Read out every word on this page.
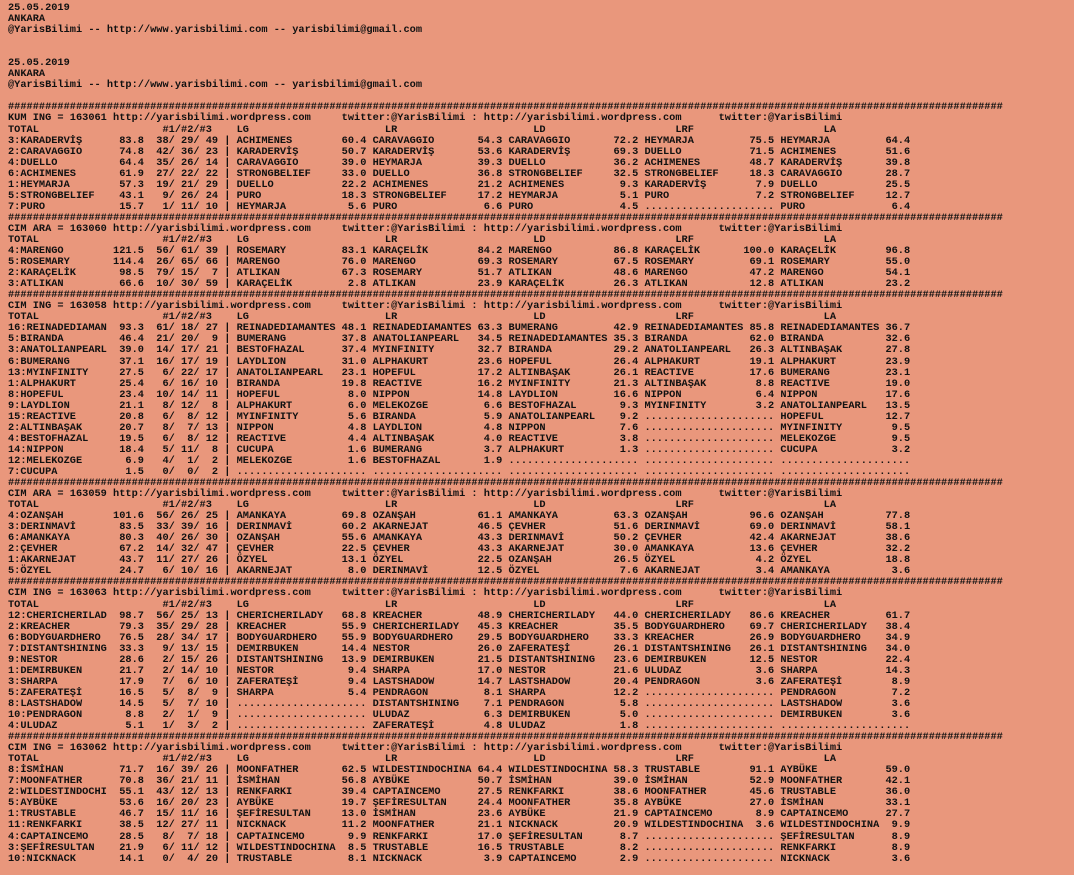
25.05.2019
ANKARA
@YarisBilimi -- http://www.yarisbilimi.com -- yarisbilimi@gmail.com
25.05.2019
ANKARA
@YarisBilimi -- http://www.yarisbilimi.com -- yarisbilimi@gmail.com
#################################################################################################################################################################
KUM ING = 163061 http://yarisbilimi.wordpress.com     twitter:@YarisBilimi : http://yarisbilimi.wordpress.com      twitter:@YarisBilimi
TOTAL                    #1/#2/#3    LG                      LR                      LD                     LRF                     LA
3:KARADERVİŞ      83.8  38/ 29/ 49 | ACHIMENES        60.4 CARAVAGGIO       54.3 CARAVAGGIO       72.2 HEYMARJA         75.5 HEYMARJA         64.4
2:CARAVAGGIO      74.8  42/ 36/ 23 | KARADERVİŞ       50.7 KARADERVİŞ       53.6 KARADERVİŞ       69.3 DUELLO           71.5 ACHIMENES        51.6
4:DUELLO          64.4  35/ 26/ 14 | CARAVAGGIO       39.0 HEYMARJA         39.3 DUELLO           36.2 ACHIMENES        48.7 KARADERVİŞ       39.8
6:ACHIMENES       61.9  27/ 22/ 22 | STRONGBELIEF     33.0 DUELLO           36.8 STRONGBELIEF     32.5 STRONGBELIEF     18.3 CARAVAGGIO       28.7
1:HEYMARJA        57.3  19/ 21/ 29 | DUELLO           22.2 ACHIMENES        21.2 ACHIMENES         9.3 KARADERVİŞ        7.9 DUELLO           25.5
5:STRONGBELIEF    43.1   9/ 26/ 24 | PURO             18.3 STRONGBELIEF     17.2 HEYMARJA          5.1 PURO              7.2 STRONGBELIEF     12.7
7:PURO            15.7   1/ 11/ 10 | HEYMARJA          5.6 PURO              6.6 PURO              4.5 ..................... PURO              6.4
#################################################################################################################################################################
CIM ARA = 163060 http://yarisbilimi.wordpress.com     twitter:@YarisBilimi : http://yarisbilimi.wordpress.com      twitter:@YarisBilimi
TOTAL                    #1/#2/#3    LG                      LR                      LD                     LRF                     LA
4:MARENGO        121.5  56/ 61/ 39 | ROSEMARY         83.1 KARAÇELİK        84.2 MARENGO          86.8 KARAÇELİK       100.0 KARAÇELİK        96.8
5:ROSEMARY       114.4  26/ 65/ 66 | MARENGO          76.0 MARENGO          69.3 ROSEMARY         67.5 ROSEMARY         69.1 ROSEMARY         55.0
2:KARAÇELİK       98.5  79/ 15/  7 | ATLIKAN          67.3 ROSEMARY         51.7 ATLIKAN          48.6 MARENGO          47.2 MARENGO          54.1
3:ATLIKAN         66.6  10/ 30/ 59 | KARAÇELİK         2.8 ATLIKAN          23.9 KARAÇELİK        26.3 ATLIKAN          12.8 ATLIKAN          23.2
#################################################################################################################################################################
CIM ING = 163058 http://yarisbilimi.wordpress.com     twitter:@YarisBilimi : http://yarisbilimi.wordpress.com      twitter:@YarisBilimi
TOTAL                    #1/#2/#3    LG                      LR                      LD                     LRF                     LA
16:REINADEDIAMAN  93.3  61/ 18/ 27 | REINADEDIAMANTES 48.1 REINADEDIAMANTES 63.3 BUMERANG         42.9 REINADEDIAMANTES 85.8 REINADEDIAMANTES 36.7
5:BIRANDA         46.4  21/ 20/  9 | BUMERANG         37.8 ANATOLIANPEARL   34.5 REINADEDIAMANTES 35.3 BIRANDA          62.0 BIRANDA          32.6
3:ANATOLIANPEARL  39.0  14/ 17/ 21 | BESTOFHAZAL      37.4 MYINFINITY       32.7 BIRANDA          29.2 ANATOLIANPEARL   26.3 ALTINBAŞAK       27.8
6:BUMERANG        37.1  16/ 17/ 19 | LAYDLION         31.0 ALPHAKURT        23.6 HOPEFUL          26.4 ALPHAKURT        19.1 ALPHAKURT        23.9
13:MYINFINITY     27.5   6/ 22/ 17 | ANATOLIANPEARL   23.1 HOPEFUL          17.2 ALTINBAŞAK       26.1 REACTIVE         17.6 BUMERANG         23.1
1:ALPHAKURT       25.4   6/ 16/ 10 | BIRANDA          19.8 REACTIVE         16.2 MYINFINITY       21.3 ALTINBAŞAK        8.8 REACTIVE         19.0
8:HOPEFUL         23.4  10/ 14/ 11 | HOPEFUL           8.0 NIPPON           14.8 LAYDLION         16.6 NIPPON            6.4 NIPPON           17.6
9:LAYDLION        21.1   8/ 12/  8 | ALPHAKURT         6.0 MELEKOZGE         6.6 BESTOFHAZAL       9.3 MYINFINITY        3.2 ANATOLIANPEARL   13.5
15:REACTIVE       20.8   6/  8/ 12 | MYINFINITY        5.6 BIRANDA           5.9 ANATOLIANPEARL    9.2 ..................... HOPEFUL          12.7
2:ALTINBAŞAK      20.7   8/  7/ 13 | NIPPON            4.8 LAYDLION          4.8 NIPPON            7.6 ..................... MYINFINITY        9.5
4:BESTOFHAZAL     19.5   6/  8/ 12 | REACTIVE          4.4 ALTINBAŞAK        4.0 REACTIVE          3.8 ..................... MELEKOZGE         9.5
14:NIPPON         18.4   5/ 11/  8 | CUCUPA            1.6 BUMERANG          3.7 ALPHAKURT         1.3 ..................... CUCUPA            3.2
12:MELEKOZGE       6.9   4/  1/  2 | MELEKOZGE         1.6 BESTOFHAZAL       1.9 ..................... ..................... .....................
7:CUCUPA           1.5   0/  0/  2 | ..................... ..................... ..................... ..................... .....................
#################################################################################################################################################################
CIM ARA = 163059 http://yarisbilimi.wordpress.com     twitter:@YarisBilimi : http://yarisbilimi.wordpress.com      twitter:@YarisBilimi
TOTAL                    #1/#2/#3    LG                      LR                      LD                     LRF                     LA
4:OZANŞAH        101.6  56/ 26/ 25 | AMANKAYA         69.8 OZANŞAH          61.1 AMANKAYA         63.3 OZANŞAH          96.6 OZANŞAH          77.8
3:DERINMAVİ       83.5  33/ 39/ 16 | DERINMAVİ        60.2 AKARNEJAT        46.5 ÇEVHER           51.6 DERINMAVİ        69.0 DERINMAVİ        58.1
6:AMANKAYA        80.3  40/ 26/ 30 | OZANŞAH          55.6 AMANKAYA         43.3 DERINMAVİ        50.2 ÇEVHER           42.4 AKARNEJAT        38.6
2:ÇEVHER          67.2  14/ 32/ 47 | ÇEVHER           22.5 ÇEVHER           43.3 AKARNEJAT        30.0 AMANKAYA         13.6 ÇEVHER           32.2
1:AKARNEJAT       43.7  11/ 27/ 26 | ÖZYEL            13.1 ÖZYEL            22.5 OZANŞAH          26.5 ÖZYEL             4.2 ÖZYEL            18.8
5:ÖZYEL           24.7   6/ 10/ 16 | AKARNEJAT         8.0 DERINMAVİ        12.5 ÖZYEL             7.6 AKARNEJAT         3.4 AMANKAYA          3.6
#################################################################################################################################################################
CIM ING = 163063 http://yarisbilimi.wordpress.com     twitter:@YarisBilimi : http://yarisbilimi.wordpress.com      twitter:@YarisBilimi
TOTAL                    #1/#2/#3    LG                      LR                      LD                     LRF                     LA
12:CHERICHERILAD  98.7  56/ 25/ 13 | CHERICHERILADY   68.8 KREACHER         48.9 CHERICHERILADY   44.0 CHERICHERILADY   86.6 KREACHER         61.7
2:KREACHER        79.3  35/ 29/ 28 | KREACHER         55.9 CHERICHERILADY   45.3 KREACHER         35.5 BODYGUARDHERO    69.7 CHERICHERILADY   38.4
6:BODYGUARDHERO   76.5  28/ 34/ 17 | BODYGUARDHERO    55.9 BODYGUARDHERO    29.5 BODYGUARDHERO    33.3 KREACHER         26.9 BODYGUARDHERO    34.9
7:DISTANTSHINING  33.3   9/ 13/ 15 | DEMIRBUKEN       14.4 NESTOR           26.0 ZAFERATEŞİ       26.1 DISTANTSHINING   26.1 DISTANTSHINING   34.0
9:NESTOR          28.6   2/ 15/ 26 | DISTANTSHINING   13.9 DEMIRBUKEN       21.5 DISTANTSHINING   23.6 DEMIRBUKEN       12.5 NESTOR           22.4
1:DEMIRBUKEN      21.7   2/ 14/ 10 | NESTOR            9.4 SHARPA           17.0 NESTOR           21.6 ULUDAZ            3.6 SHARPA           14.3
3:SHARPA          17.9   7/  6/ 10 | ZAFERATEŞİ        9.4 LASTSHADOW       14.7 LASTSHADOW       20.4 PENDRAGON         3.6 ZAFERATEŞİ        8.9
5:ZAFERATEŞİ      16.5   5/  8/  9 | SHARPA            5.4 PENDRAGON         8.1 SHARPA           12.2 ..................... PENDRAGON         7.2
8:LASTSHADOW      14.5   5/  7/ 10 | ..................... DISTANTSHINING    7.1 PENDRAGON         5.8 ..................... LASTSHADOW        3.6
10:PENDRAGON       8.8   2/  1/  9 | ..................... ULUDAZ            6.3 DEMIRBUKEN        5.0 ..................... DEMIRBUKEN        3.6
4:ULUDAZ           5.1   1/  3/  2 | ..................... ZAFERATEŞİ        4.8 ULUDAZ            1.8 ..................... .....................
#################################################################################################################################################################
CIM ING = 163062 http://yarisbilimi.wordpress.com     twitter:@YarisBilimi : http://yarisbilimi.wordpress.com      twitter:@YarisBilimi
TOTAL                    #1/#2/#3    LG                      LR                      LD                     LRF                     LA
8:İSMİHAN         71.7  16/ 39/ 26 | MOONFATHER       62.5 WILDESTINDOCHINA 64.4 WILDESTINDOCHINA 58.3 TRUSTABLE        91.1 AYBÜKE           59.0
7:MOONFATHER      70.8  36/ 21/ 11 | İSMİHAN          56.8 AYBÜKE           50.7 İSMİHAN          39.0 İSMİHAN          52.9 MOONFATHER       42.1
2:WILDESTINDOCHI  55.1  43/ 12/ 13 | RENKFARKI        39.4 CAPTAINCEMO      27.5 RENKFARKI        38.6 MOONFATHER       45.6 TRUSTABLE        36.0
5:AYBÜKE          53.6  16/ 20/ 23 | AYBÜKE           19.7 ŞEFİRESULTAN     24.4 MOONFATHER       35.8 AYBÜKE           27.0 İSMİHAN          33.1
1:TRUSTABLE       46.7  15/ 11/ 16 | ŞEFİRESULTAN     13.0 İSMİHAN          23.6 AYBÜKE           21.9 CAPTAINCEMO       8.9 CAPTAINCEMO      27.7
11:RENKFARKI      38.5  12/ 27/ 11 | NICKNACK         11.2 MOONFATHER       21.1 NICKNACK         20.9 WILDESTINDOCHINA  3.6 WILDESTINDOCHINA  9.9
4:CAPTAINCEMO     28.5   8/  7/ 18 | CAPTAINCEMO       9.9 RENKFARKI        17.0 ŞEFİRESULTAN      8.7 ..................... ŞEFİRESULTAN      8.9
3:ŞEFİRESULTAN    21.9   6/ 11/ 12 | WILDESTINDOCHINA  8.5 TRUSTABLE        16.5 TRUSTABLE         8.2 ..................... RENKFARKI         8.9
10:NICKNACK       14.1   0/  4/ 20 | TRUSTABLE         8.1 NICKNACK          3.9 CAPTAINCEMO       2.9 ..................... NICKNACK          3.6
